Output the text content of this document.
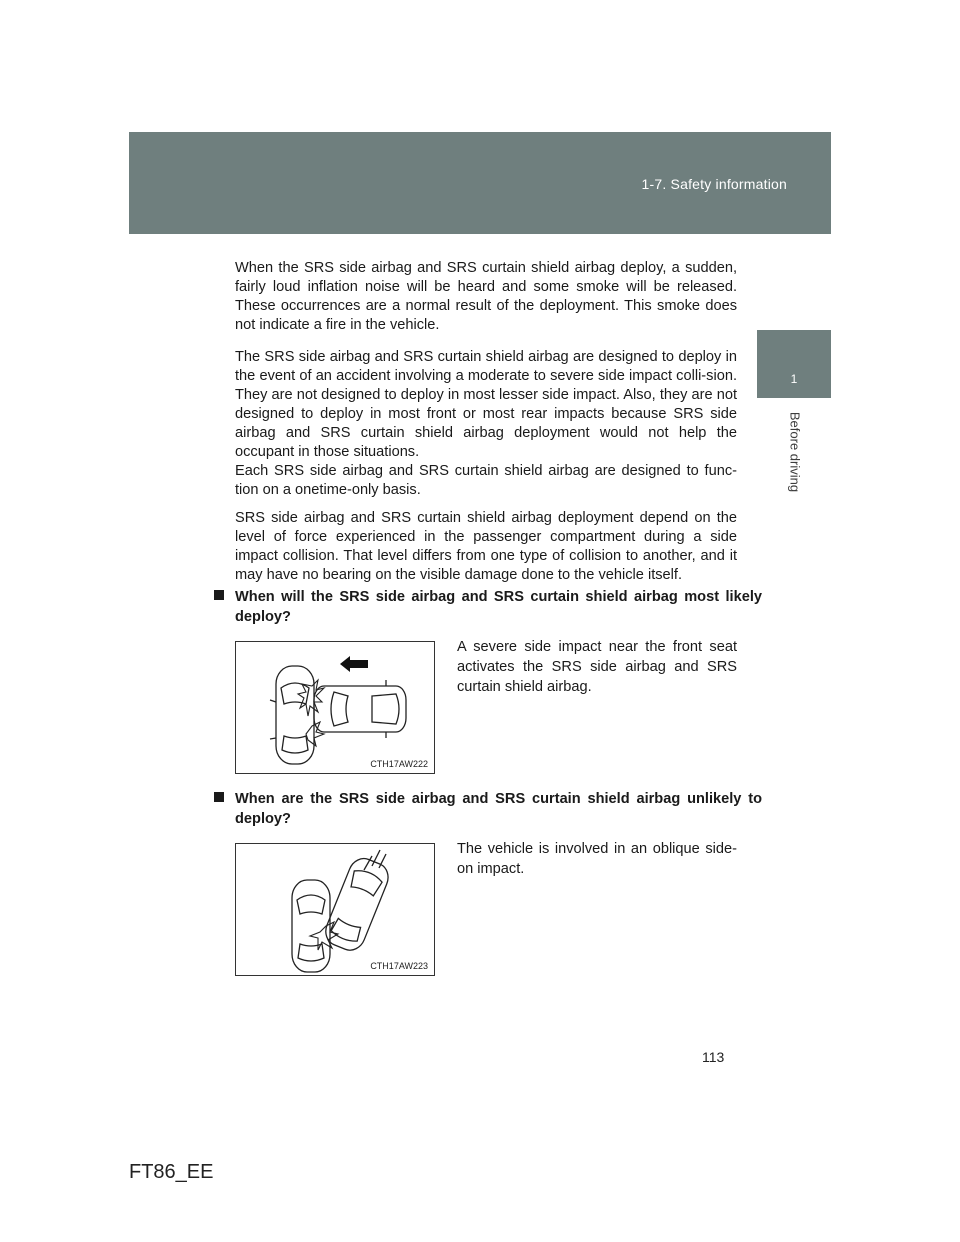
1-7. Safety information
1
Before driving

When the SRS side airbag and SRS curtain shield airbag deploy, a sudden, fairly loud inflation noise will be heard and some smoke will be released. These occurrences are a normal result of the deployment. This smoke does not indicate a fire in the vehicle.

The SRS side airbag and SRS curtain shield airbag are designed to deploy in the event of an accident involving a moderate to severe side impact colli-sion. They are not designed to deploy in most lesser side impact. Also, they are not designed to deploy in most front or most rear impacts because SRS side airbag and SRS curtain shield airbag deployment would not help the occupant in those situations.

Each SRS side airbag and SRS curtain shield airbag are designed to func-tion on a onetime-only basis.

SRS side airbag and SRS curtain shield airbag deployment depend on the level of force experienced in the passenger compartment during a side impact collision. That level differs from one type of collision to another, and it may have no bearing on the visible damage done to the vehicle itself.

When will the SRS side airbag and SRS curtain shield airbag most likely deploy?
CTH17AW222

A severe side impact near the front seat activates the SRS side airbag and SRS curtain shield airbag.

When are the SRS side airbag and SRS curtain shield airbag unlikely to deploy?
CTH17AW223

The vehicle is involved in an oblique side-on impact.

113
FT86_EE
